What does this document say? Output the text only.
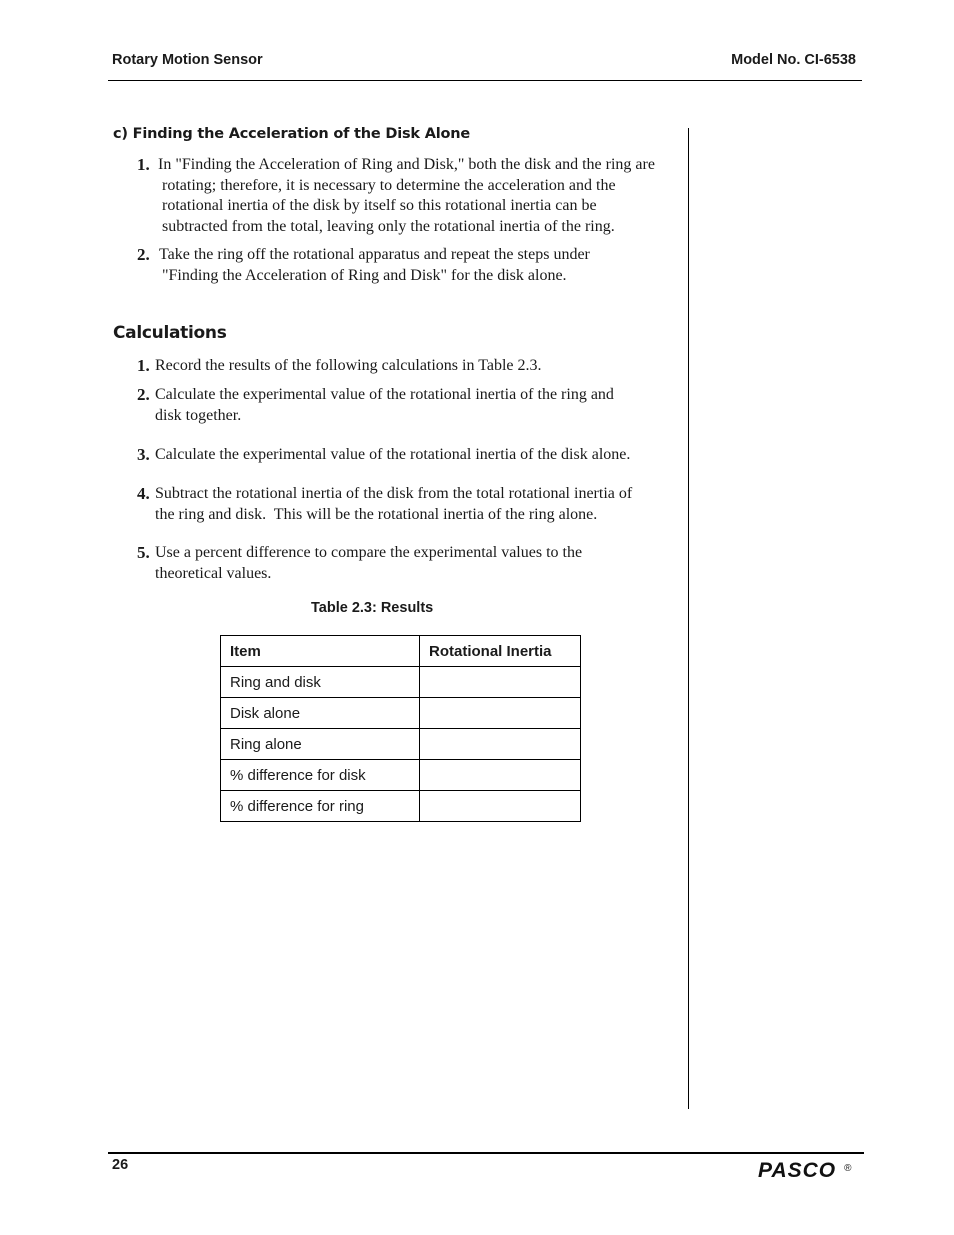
Rotary Motion Sensor	Model No. CI-6538
c) Finding the Acceleration of the Disk Alone
1. In "Finding the Acceleration of Ring and Disk," both the disk and the ring are
rotating; therefore, it is necessary to determine the acceleration and the
rotational inertia of the disk by itself so this rotational inertia can be
subtracted from the total, leaving only the rotational inertia of the ring.
2. Take the ring off the rotational apparatus and repeat the steps under
"Finding the Acceleration of Ring and Disk" for the disk alone.
Calculations
1. Record the results of the following calculations in Table 2.3.
2. Calculate the experimental value of the rotational inertia of the ring and
disk together.
3. Calculate the experimental value of the rotational inertia of the disk alone.
4. Subtract the rotational inertia of the disk from the total rotational inertia of
the ring and disk.  This will be the rotational inertia of the ring alone.
5. Use a percent difference to compare the experimental values to the
theoretical values.
Table 2.3: Results
Item	Rotational Inertia
Ring and disk	
Disk alone	
Ring alone	
% difference for disk	
% difference for ring	
26	PASCO ®
